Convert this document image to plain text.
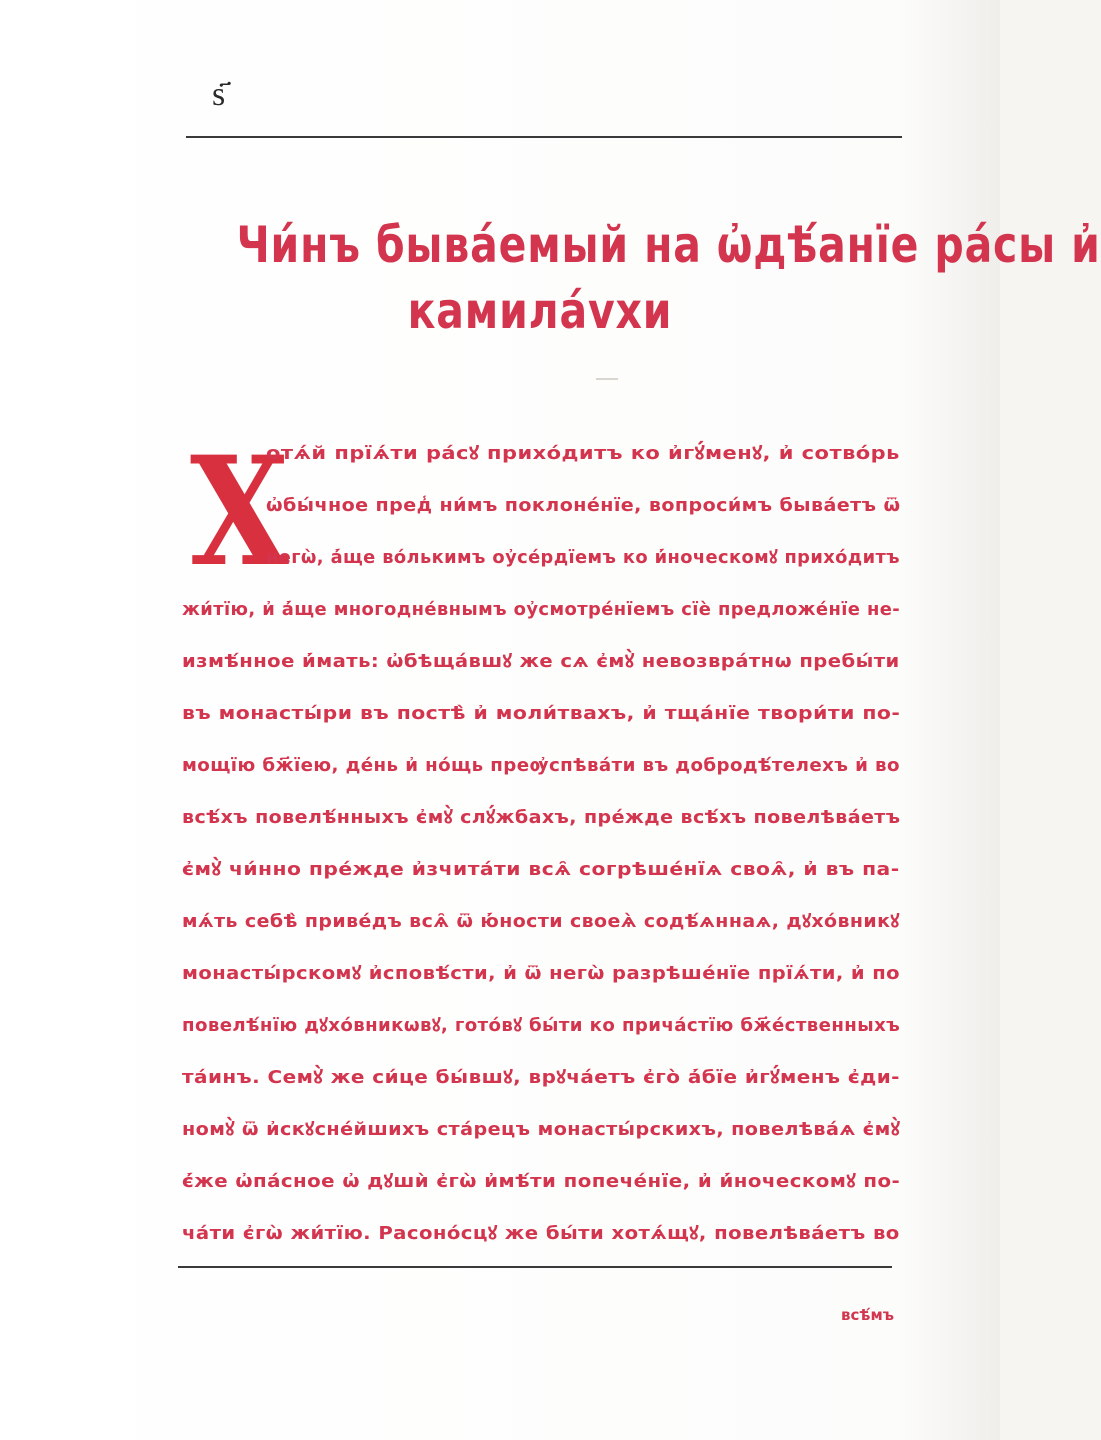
ѕ҃
Чи́нъ быва́емый на ѡ҆дѣ́анїе ра́сы и҆
камила́vхи
Х
отѧ́й прїѧ́ти ра́сꙋ прихо́дитъ ко и҆гꙋ́менꙋ, и҆ сотво́рь
ѡ҆бы́чное пред̾ ни́мъ поклоне́нїе, вопроси́мъ быва́етъ ѿ
негѡ̀, а҆́ще во́лькимъ оу҆се́рдїемъ ко и҆́ноческомꙋ прихо́дитъ
жи́тїю, и҆ а҆́ще многодне́внымъ оу҆смотре́нїемъ сїѐ предложе́нїе не-
измѣ́нное и҆́мать: ѡ҆бѣща́вшꙋ же сѧ є҆мꙋ̀ невозвра́тнѡ пребы́ти
въ монасты́ри въ постѣ̀ и҆ моли́твахъ, и҆ тща́нїе твори́ти по-
мощїю бж҃їею, де́нь и҆ но́щь преѹ҆спѣва́ти въ добродѣ́телехъ и҆ во
всѣ́хъ повелѣ́нныхъ є҆мꙋ̀ слꙋ́жбахъ, пре́жде всѣ́хъ повелѣва́етъ
є҆мꙋ̀ чи́нно пре́жде и҆зчита́ти всѧ̑ согрѣше́нїѧ своѧ̑, и҆ въ па-
мѧ́ть себѣ̀ приве́дъ всѧ̑ ѿ ю҆́ности своеѧ̀ содѣ́ѧннаѧ, дꙋхо́вникꙋ
монасты́рскомꙋ и҆сповѣ́сти, и҆ ѿ негѡ̀ разрѣше́нїе прїѧ́ти, и҆ по
повелѣ́нїю дꙋхо́вникѡвꙋ, гото́вꙋ бы́ти ко прича́стїю бж҃е́ственныхъ
та́инъ. Семꙋ̀ же си́це бы́вшꙋ, врꙋча́етъ є҆го̀ а҆́бїе и҆гꙋ́менъ є҆ди-
номꙋ̀ ѿ и҆скꙋсне́йшихъ ста́рецъ монасты́рскихъ, повелѣва́ѧ є҆мꙋ̀
є҆́же ѡ҆па́сное ѡ҆ дꙋшѝ є҆гѡ̀ и҆мѣ́ти попече́нїе, и҆ и҆́ноческомꙋ по-
ча́ти є҆гѡ̀ жи́тїю. Расоно́сцꙋ же бы́ти хотѧ́щꙋ, повелѣва́етъ во
всѣ́мъ
